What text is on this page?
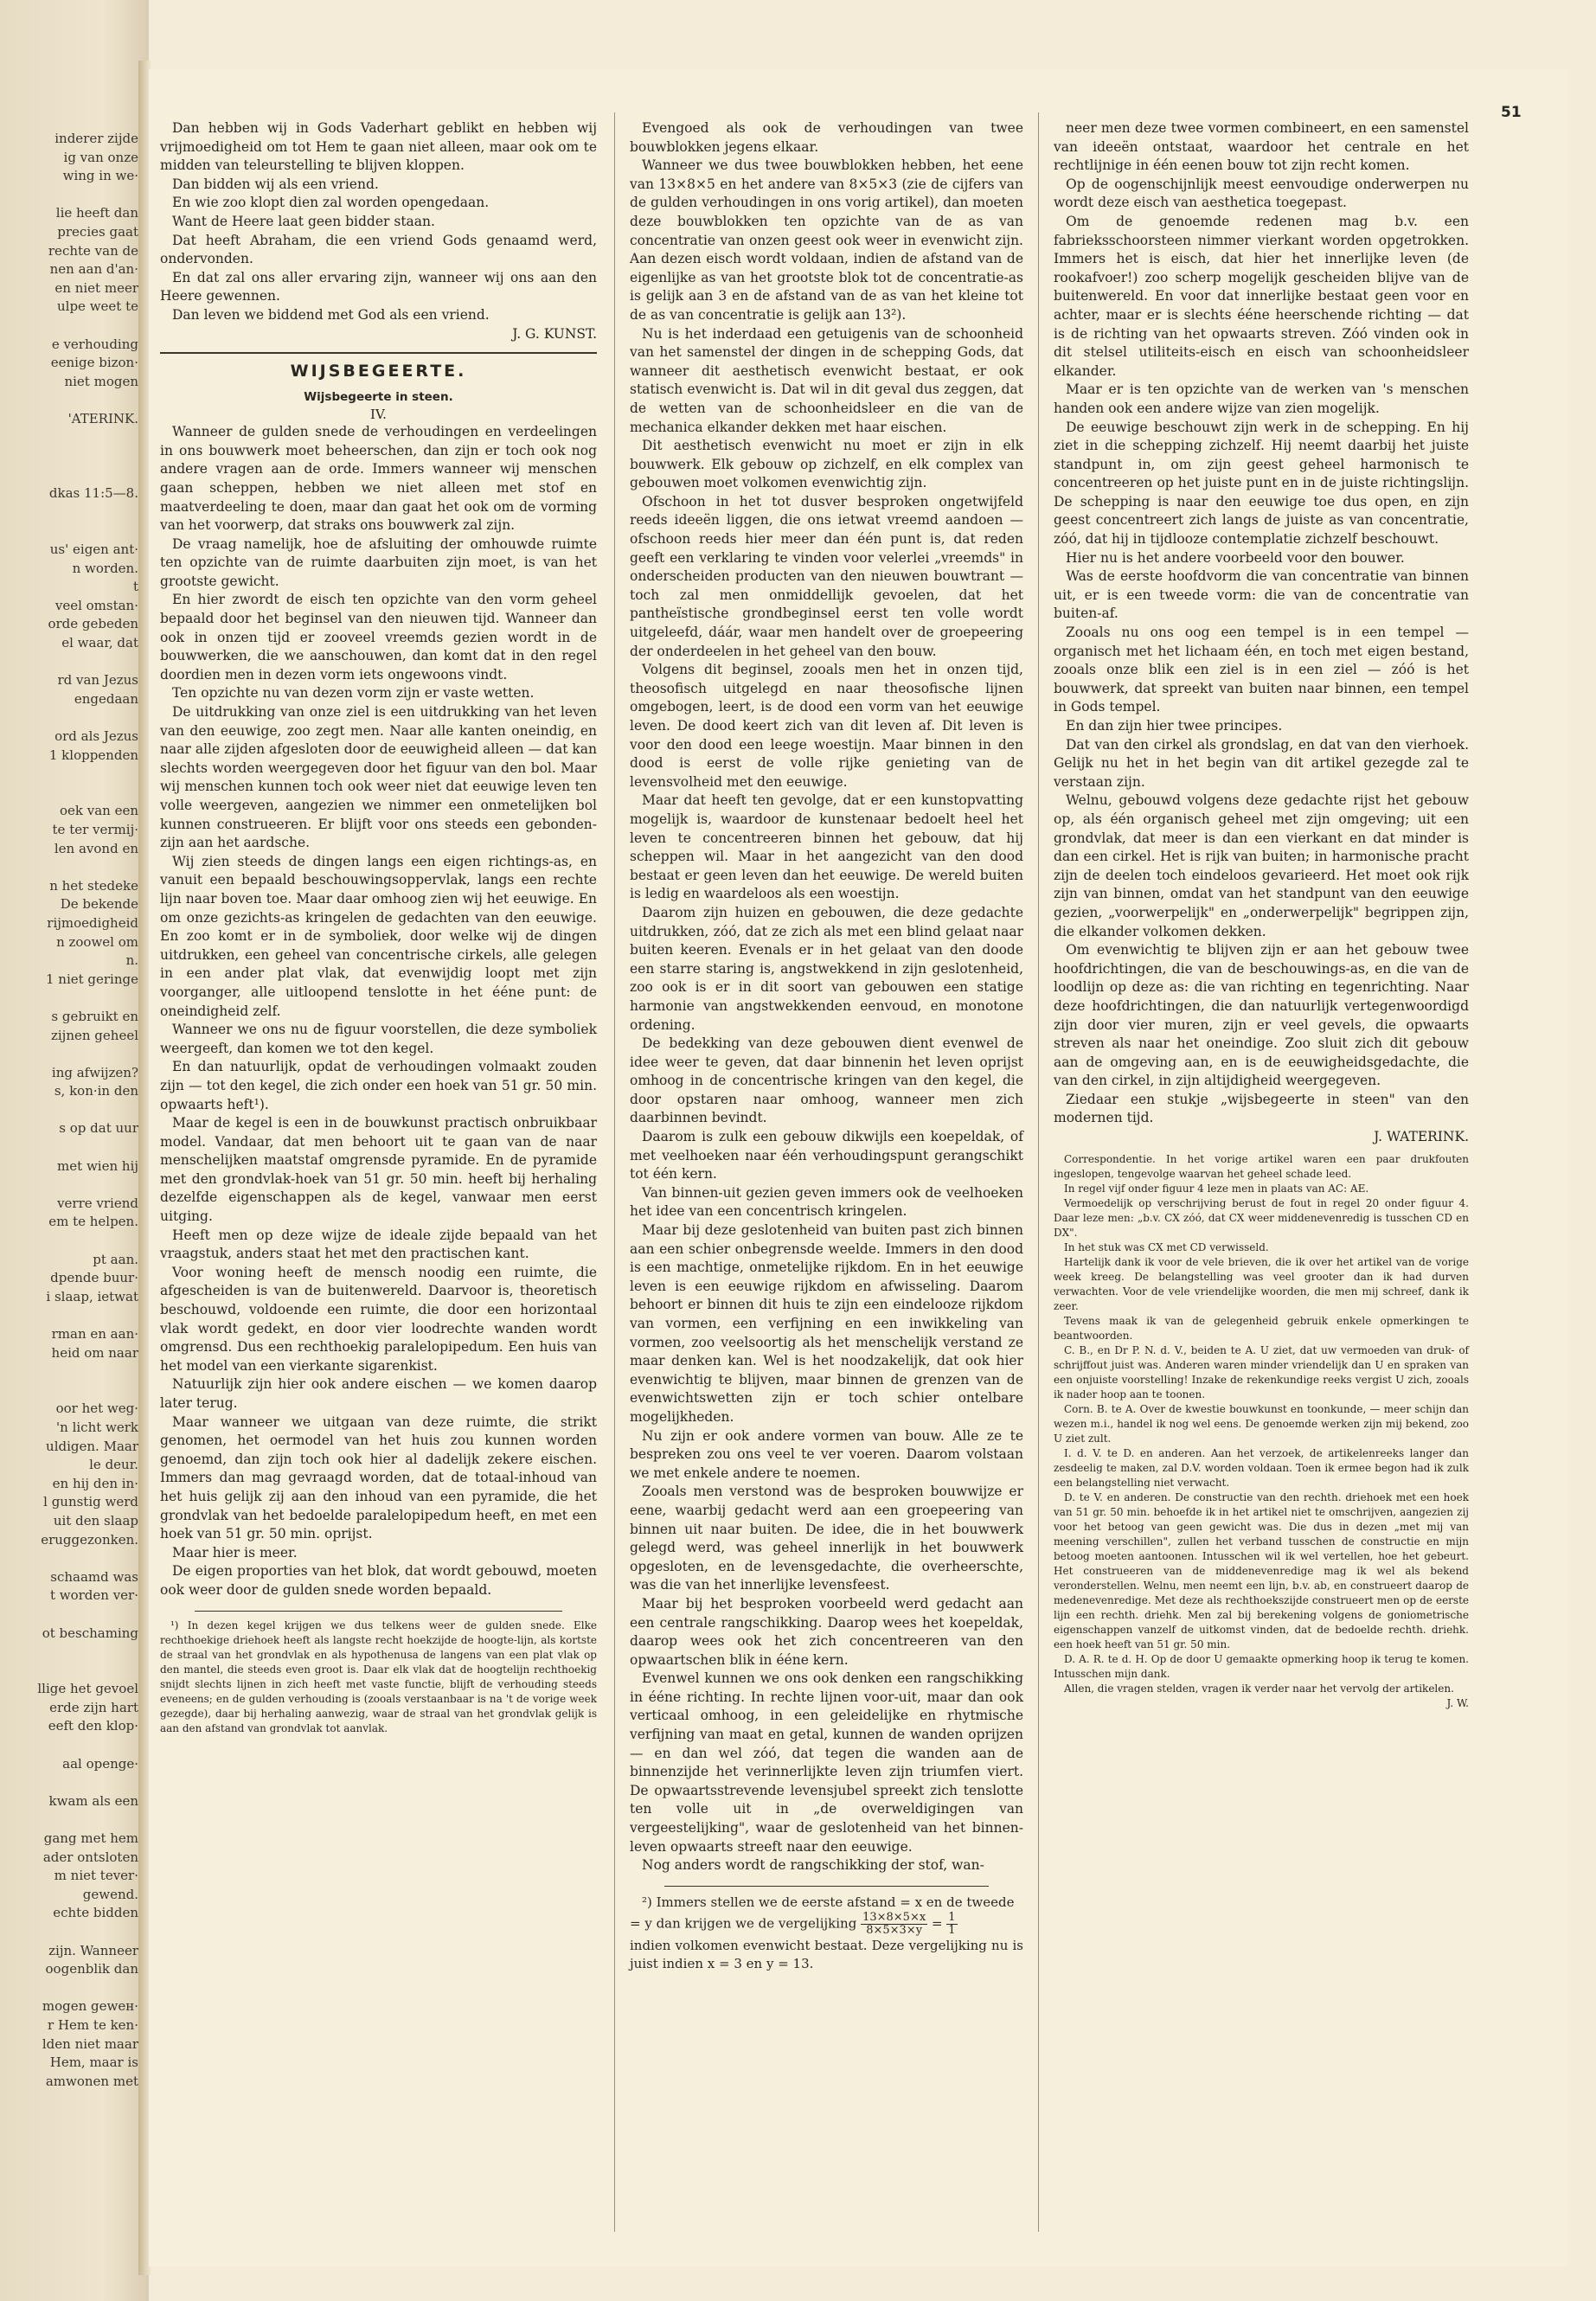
inderer zijde
ig van onze
wing in we·
lie heeft dan
precies gaat
rechte van de
nen aan d'an·
en niet meer
ulpe weet te
e verhouding
eenige bizon·
niet mogen
'ATERINK.
dkas 11:5—8.
us' eigen ant·
n worden.
t
veel omstan·
orde gebeden
el waar, dat
rd van Jezus
engedaan
ord als Jezus
1 kloppenden
oek van een
te ter vermij·
len avond en
n het stedeke
De bekende
rijmoedigheid
n zoowel om
n.
1 niet geringe
s gebruikt en
zijnen geheel
ing afwijzen?
s, kon·in den
s op dat uur
met wien hij
verre vriend
em te helpen.
pt aan.
dpende buur·
i slaap, ietwat
rman en aan·
heid om naar
oor het weg·
'n licht werk
uldigen. Maar
le deur.
en hij den in·
l gunstig werd
uit den slaap
eruggezonken.
schaamd was
t worden ver·
ot beschaming
llige het gevoel
erde zijn hart
eeft den klop·
aal opengе·
kwam als een
gang met hem
ader ontsloten
m niet tever·
gewend.
echte bidden
zijn. Wanneer
oogenblik dan
mogen geweн·
r Hem te ken·
lden niet maar
Hem, maar is
amwonen met
51

Dan hebben wij in Gods Vaderhart geblikt en hebben wij vrijmoedigheid om tot Hem te gaan niet alleen, maar ook om te midden van teleurstelling te blijven kloppen.

Dan bidden wij als een vriend.

En wie zoo klopt dien zal worden opengedaan.

Want de Heere laat geen bidder staan.

Dat heeft Abraham, die een vriend Gods genaamd werd, ondervonden.

En dat zal ons aller ervaring zijn, wanneer wij ons aan den Heere gewennen.

Dan leven we biddend met God als een vriend.

J. G. KUNST.

WIJSBEGEERTE.
Wijsbegeerte in steen.
IV.

Wanneer de gulden snede de verhoudingen en verdeelingen in ons bouwwerk moet beheerschen, dan zijn er toch ook nog andere vragen aan de orde. Immers wanneer wij menschen gaan scheppen, hebben we niet alleen met stof en maatverdeeling te doen, maar dan gaat het ook om de vorming van het voorwerp, dat straks ons bouwwerk zal zijn.

De vraag namelijk, hoe de afsluiting der omhouwde ruimte ten opzichte van de ruimte daarbuiten zijn moet, is van het grootste gewicht.

En hier zwordt de eisch ten opzichte van den vorm geheel bepaald door het beginsel van den nieuwen tijd. Wanneer dan ook in onzen tijd er zooveel vreemds gezien wordt in de bouwwerken, die we aanschouwen, dan komt dat in den regel doordien men in dezen vorm iets ongewoons vindt.

Ten opzichte nu van dezen vorm zijn er vaste wetten.

De uitdrukking van onze ziel is een uitdrukking van het leven van den eeuwige, zoo zegt men. Naar alle kanten oneindig, en naar alle zijden afgesloten door de eeuwigheid alleen — dat kan slechts worden weergegeven door het figuur van den bol. Maar wij menschen kunnen toch ook weer niet dat eeuwige leven ten volle weergeven, aangezien we nimmer een onmetelijken bol kunnen construeeren. Er blijft voor ons steeds een gebonden-zijn aan het aardsche.

Wij zien steeds de dingen langs een eigen richtings-as, en vanuit een bepaald beschouwingsoppervlak, langs een rechte lijn naar boven toe. Maar daar omhoog zien wij het eeuwige. En om onze gezichts-as kringelen de gedachten van den eeuwige. En zoo komt er in de symboliek, door welke wij de dingen uitdrukken, een geheel van concentrische cirkels, alle gelegen in een ander plat vlak, dat evenwijdig loopt met zijn voorganger, alle uitloopend tenslotte in het ééne punt: de oneindigheid zelf.

Wanneer we ons nu de figuur voorstellen, die deze symboliek weergeeft, dan komen we tot den kegel.

En dan natuurlijk, opdat de verhoudingen volmaakt zouden zijn — tot den kegel, die zich onder een hoek van 51 gr. 50 min. opwaarts heft¹).

Maar de kegel is een in de bouwkunst practisch onbruikbaar model. Vandaar, dat men behoort uit te gaan van de naar menschelijken maatstaf omgrensde pyramide. En de pyramide met den grondvlak-hoek van 51 gr. 50 min. heeft bij herhaling dezelfde eigenschappen als de kegel, vanwaar men eerst uitging.

Heeft men op deze wijze de ideale zijde bepaald van het vraagstuk, anders staat het met den practischen kant.

Voor woning heeft de mensch noodig een ruimte, die afgescheiden is van de buitenwereld. Daarvoor is, theoretisch beschouwd, voldoende een ruimte, die door een horizontaal vlak wordt gedekt, en door vier loodrechte wanden wordt omgrensd. Dus een rechthoekig paralelopipedum. Een huis van het model van een vierkante sigarenkist.

Natuurlijk zijn hier ook andere eischen — we komen daarop later terug.

Maar wanneer we uitgaan van deze ruimte, die strikt genomen, het oermodel van het huis zou kunnen worden genoemd, dan zijn toch ook hier al dadelijk zekere eischen. Immers dan mag gevraagd worden, dat de totaal-inhoud van het huis gelijk zij aan den inhoud van een pyramide, die het grondvlak van het bedoelde paralelopipedum heeft, en met een hoek van 51 gr. 50 min. oprijst.

Maar hier is meer.

De eigen proporties van het blok, dat wordt gebouwd, moeten ook weer door de gulden snede worden bepaald.

¹) In dezen kegel krijgen we dus telkens weer de gulden snede. Elke rechthoekige driehoek heeft als langste recht hoekzijde de hoogte-lijn, als kortste de straal van het grondvlak en als hypothenusa de langens van een plat vlak op den mantel, die steeds even groot is. Daar elk vlak dat de hoogtelijn rechthoekig snijdt slechts lijnen in zich heeft met vaste functie, blijft de verhouding steeds eveneens; en de gulden verhouding is (zooals verstaanbaar is na 't de vorige week gezegde), daar bij herhaling aanwezig, waar de straal van het grondvlak gelijk is aan den afstand van grondvlak tot aanvlak.

Evengoed als ook de verhoudingen van twee bouwblokken jegens elkaar.

Wanneer we dus twee bouwblokken hebben, het eene van 13×8×5 en het andere van 8×5×3 (zie de cijfers van de gulden verhoudingen in ons vorig artikel), dan moeten deze bouwblokken ten opzichte van de as van concentratie van onzen geest ook weer in evenwicht zijn. Aan dezen eisch wordt voldaan, indien de afstand van de eigenlijke as van het grootste blok tot de concentratie-as is gelijk aan 3 en de afstand van de as van het kleine tot de as van concentratie is gelijk aan 13²).

Nu is het inderdaad een getuigenis van de schoonheid van het samenstel der dingen in de schepping Gods, dat wanneer dit aesthetisch evenwicht bestaat, er ook statisch evenwicht is. Dat wil in dit geval dus zeggen, dat de wetten van de schoonheidsleer en die van de mechanica elkander dekken met haar eischen.

Dit aesthetisch evenwicht nu moet er zijn in elk bouwwerk. Elk gebouw op zichzelf, en elk complex van gebouwen moet volkomen evenwichtig zijn.

Ofschoon in het tot dusver besproken ongetwijfeld reeds ideeën liggen, die ons ietwat vreemd aandoen — ofschoon reeds hier meer dan één punt is, dat reden geeft een verklaring te vinden voor velerlei „vreemds" in onderscheiden producten van den nieuwen bouwtrant — toch zal men onmiddellijk gevoelen, dat het pantheïstische grondbeginsel eerst ten volle wordt uitgeleefd, dáár, waar men handelt over de groepeering der onderdeelen in het geheel van den bouw.

Volgens dit beginsel, zooals men het in onzen tijd, theosofisch uitgelegd en naar theosofische lijnen omgebogen, leert, is de dood een vorm van het eeuwige leven. De dood keert zich van dit leven af. Dit leven is voor den dood een leege woestijn. Maar binnen in den dood is eerst de volle rijke genieting van de levensvolheid met den eeuwige.

Maar dat heeft ten gevolge, dat er een kunstopvatting mogelijk is, waardoor de kunstenaar bedoelt heel het leven te concentreeren binnen het gebouw, dat hij scheppen wil. Maar in het aangezicht van den dood bestaat er geen leven dan het eeuwige. De wereld buiten is ledig en waardeloos als een woestijn.

Daarom zijn huizen en gebouwen, die deze gedachte uitdrukken, zóó, dat ze zich als met een blind gelaat naar buiten keeren. Evenals er in het gelaat van den doode een starre staring is, angstwekkend in zijn geslotenheid, zoo ook is er in dit soort van gebouwen een statige harmonie van angstwekkenden eenvoud, en monotone ordening.

De bedekking van deze gebouwen dient evenwel de idee weer te geven, dat daar binnenin het leven oprijst omhoog in de concentrische kringen van den kegel, die door opstaren naar omhoog, wanneer men zich daarbinnen bevindt.

Daarom is zulk een gebouw dikwijls een koepeldak, of met veelhoeken naar één verhoudingspunt gerangschikt tot één kern.

Van binnen-uit gezien geven immers ook de veelhoeken het idee van een concentrisch kringelen.

Maar bij deze geslotenheid van buiten past zich binnen aan een schier onbegrensde weelde. Immers in den dood is een machtige, onmetelijke rijkdom. En in het eeuwige leven is een eeuwige rijkdom en afwisseling. Daarom behoort er binnen dit huis te zijn een eindelooze rijkdom van vormen, een verfijning en een inwikkeling van vormen, zoo veelsoortig als het menschelijk verstand ze maar denken kan. Wel is het noodzakelijk, dat ook hier evenwichtig te blijven, maar binnen de grenzen van de evenwichtswetten zijn er toch schier ontelbare mogelijkheden.

Nu zijn er ook andere vormen van bouw. Alle ze te bespreken zou ons veel te ver voeren. Daarom volstaan we met enkele andere te noemen.

Zooals men verstond was de besproken bouwwijze er eene, waarbij gedacht werd aan een groepeering van binnen uit naar buiten. De idee, die in het bouwwerk gelegd werd, was geheel innerlijk in het bouwwerk opgesloten, en de levensgedachte, die overheerschte, was die van het innerlijke levensfeest.

Maar bij het besproken voorbeeld werd gedacht aan een centrale rangschikking. Daarop wees het koepeldak, daarop wees ook het zich concentreeren van den opwaartschen blik in ééne kern.

Evenwel kunnen we ons ook denken een rangschikking in ééne richting. In rechte lijnen voor-uit, maar dan ook verticaal omhoog, in een geleidelijke en rhytmische verfijning van maat en getal, kunnen de wanden oprijzen — en dan wel zóó, dat tegen die wanden aan de binnenzijde het verinnerlijkte leven zijn triumfen viert. De opwaartsstrevende levensjubel spreekt zich tenslotte ten volle uit in „de overweldigingen van vergeestelijking", waar de geslotenheid van het binnen-leven opwaarts streeft naar den eeuwige.

Nog anders wordt de rangschikking der stof, wan-

²) Immers stellen we de eerste afstand = x en de tweede

= y dan krijgen we de vergelijking $\frac{13\times 8\times 5\times x}{8\times 5\times 3\times y} = \frac{1}{1}$

indien volkomen evenwicht bestaat. Deze vergelijking nu is juist indien x = 3 en y = 13.

neer men deze twee vormen combineert, en een samenstel van ideeën ontstaat, waardoor het centrale en het rechtlijnige in één eenen bouw tot zijn recht komen.

Op de oogenschijnlijk meest eenvoudige onderwerpen nu wordt deze eisch van aesthetica toegepast.

Om de genoemde redenen mag b.v. een fabrieksschoorsteen nimmer vierkant worden opgetrokken. Immers het is eisch, dat hier het innerlijke leven (de rookafvoer!) zoo scherp mogelijk gescheiden blijve van de buitenwereld. En voor dat innerlijke bestaat geen voor en achter, maar er is slechts ééne heerschende richting — dat is de richting van het opwaarts streven. Zóó vinden ook in dit stelsel utiliteits-eisch en eisch van schoonheidsleer elkander.

Maar er is ten opzichte van de werken van 's menschen handen ook een andere wijze van zien mogelijk.

De eeuwige beschouwt zijn werk in de schepping. En hij ziet in die schepping zichzelf. Hij neemt daarbij het juiste standpunt in, om zijn geest geheel harmonisch te concentreeren op het juiste punt en in de juiste richtingslijn. De schepping is naar den eeuwige toe dus open, en zijn geest concentreert zich langs de juiste as van concentratie, zóó, dat hij in tijdlooze contemplatie zichzelf beschouwt.

Hier nu is het andere voorbeeld voor den bouwer.

Was de eerste hoofdvorm die van concentratie van binnen uit, er is een tweede vorm: die van de concentratie van buiten-af.

Zooals nu ons oog een tempel is in een tempel — organisch met het lichaam één, en toch met eigen bestand, zooals onze blik een ziel is in een ziel — zóó is het bouwwerk, dat spreekt van buiten naar binnen, een tempel in Gods tempel.

En dan zijn hier twee principes.

Dat van den cirkel als grondslag, en dat van den vierhoek. Gelijk nu het in het begin van dit artikel gezegde zal te verstaan zijn.

Welnu, gebouwd volgens deze gedachte rijst het gebouw op, als één organisch geheel met zijn omgeving; uit een grondvlak, dat meer is dan een vierkant en dat minder is dan een cirkel. Het is rijk van buiten; in harmonische pracht zijn de deelen toch eindeloos gevarieerd. Het moet ook rijk zijn van binnen, omdat van het standpunt van den eeuwige gezien, „voorwerpelijk" en „onderwerpelijk" begrippen zijn, die elkander volkomen dekken.

Om evenwichtig te blijven zijn er aan het gebouw twee hoofdrichtingen, die van de beschouwings-as, en die van de loodlijn op deze as: die van richting en tegenrichting. Naar deze hoofdrichtingen, die dan natuurlijk vertegenwoordigd zijn door vier muren, zijn er veel gevels, die opwaarts streven als naar het oneindige. Zoo sluit zich dit gebouw aan de omgeving aan, en is de eeuwigheidsgedachte, die van den cirkel, in zijn altijdigheid weergegeven.

Ziedaar een stukje „wijsbegeerte in steen" van den modernen tijd.

J. WATERINK.

Correspondentie. In het vorige artikel waren een paar drukfouten ingeslopen, tengevolge waarvan het geheel schade leed.

In regel vijf onder figuur 4 leze men in plaats van AC: AE.

Vermoedelijk op verschrijving berust de fout in regel 20 onder figuur 4. Daar leze men: „b.v. CX zóó, dat CX weer middenevenredig is tusschen CD en DX".

In het stuk was CX met CD verwisseld.

Hartelijk dank ik voor de vele brieven, die ik over het artikel van de vorige week kreeg. De belangstelling was veel grooter dan ik had durven verwachten. Voor de vele vriendelijke woorden, die men mij schreef, dank ik zeer.

Tevens maak ik van de gelegenheid gebruik enkele opmerkingen te beantwoorden.

C. B., en Dr P. N. d. V., beiden te A. U ziet, dat uw vermoeden van druk- of schrijffout juist was. Anderen waren minder vriendelijk dan U en spraken van een onjuiste voorstelling! Inzake de rekenkundige reeks vergist U zich, zooals ik nader hoop aan te toonen.

Corn. B. te A. Over de kwestie bouwkunst en toonkunde, — meer schijn dan wezen m.i., handel ik nog wel eens. De genoemde werken zijn mij bekend, zoo U ziet zult.

I. d. V. te D. en anderen. Aan het verzoek, de artikelenreeks langer dan zesdeelig te maken, zal D.V. worden voldaan. Toen ik ermee begon had ik zulk een belangstelling niet verwacht.

D. te V. en anderen. De constructie van den rechth. driehoek met een hoek van 51 gr. 50 min. behoefde ik in het artikel niet te omschrijven, aangezien zij voor het betoog van geen gewicht was. Die dus in dezen „met mij van meening verschillen", zullen het verband tusschen de constructie en mijn betoog moeten aantoonen. Intusschen wil ik wel vertellen, hoe het gebeurt. Het construeeren van de middenevenredige mag ik wel als bekend veronderstellen. Welnu, men neemt een lijn, b.v. ab, en construeert daarop de medenevenredige. Met deze als rechthoekszijde construeert men op de eerste lijn een rechth. driehk. Men zal bij berekening volgens de goniometrische eigenschappen vanzelf de uitkomst vinden, dat de bedoelde rechth. driehk. een hoek heeft van 51 gr. 50 min.

D. A. R. te d. H. Op de door U gemaakte opmerking hoop ik terug te komen. Intusschen mijn dank.

Allen, die vragen stelden, vragen ik verder naar het vervolg der artikelen.

J. W.
